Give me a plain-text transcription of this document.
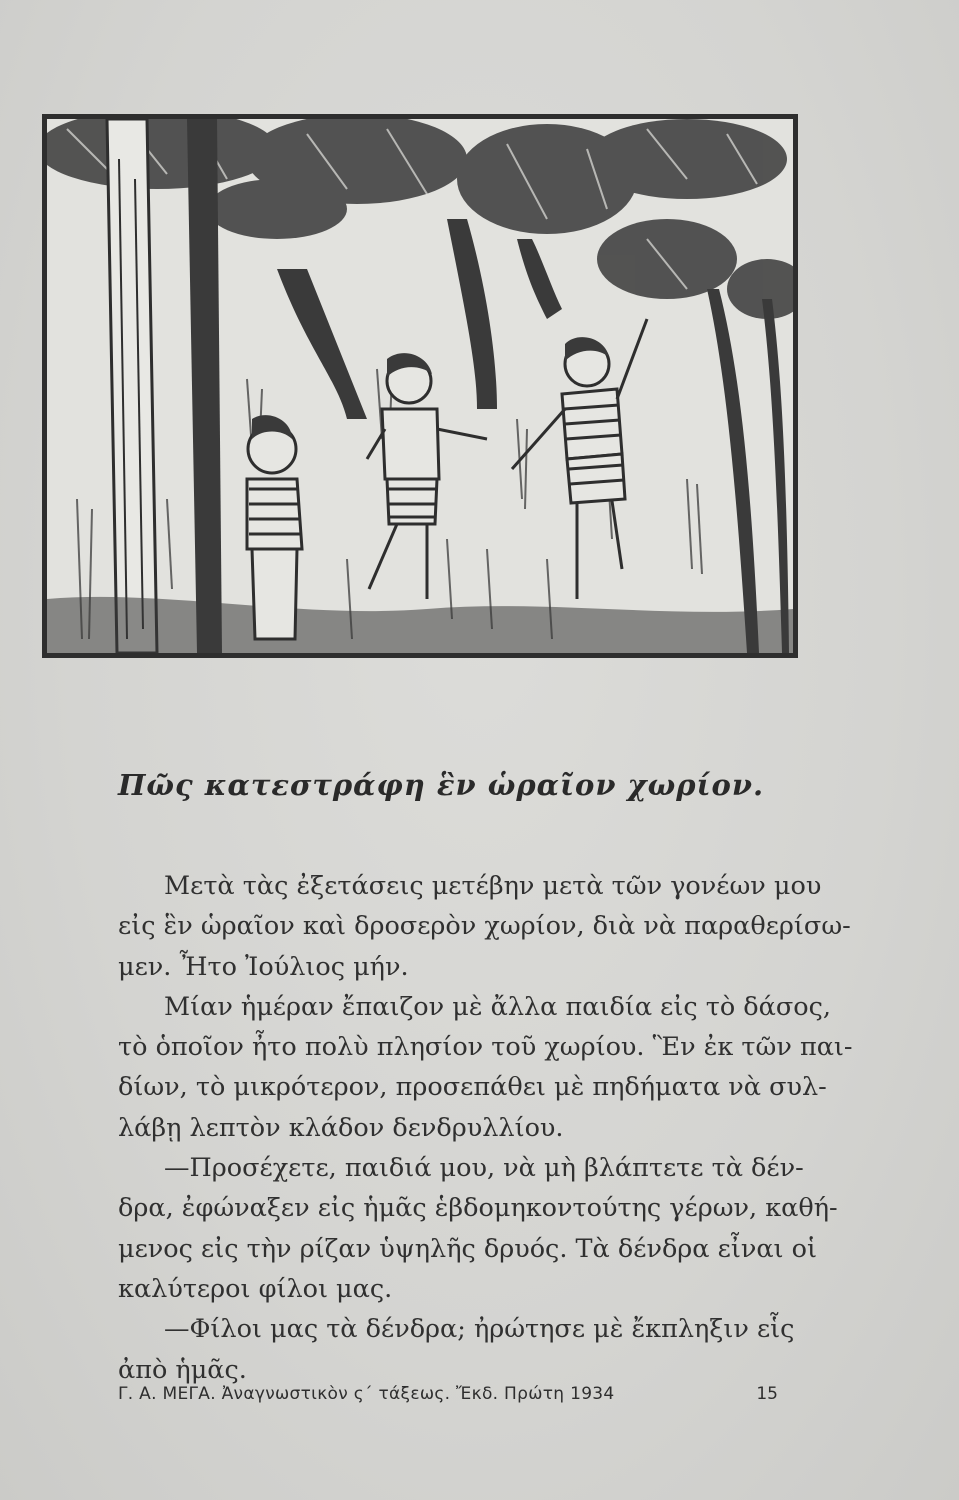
Πῶς κατεστράφη ἓν ὡραῖον χωρίον.
Μετὰ τὰς ἐξετάσεις μετέβην μετὰ τῶν γονέων μου
εἰς ἓν ὡραῖον καὶ δροσερὸν χωρίον, διὰ νὰ παραθερίσω-
μεν. Ἦτο Ἰούλιος μήν.
Μίαν ἡμέραν ἔπαιζον μὲ ἄλλα παιδία εἰς τὸ δάσος,
τὸ ὁποῖον ἦτο πολὺ πλησίον τοῦ χωρίου. Ἓν ἐκ τῶν παι-
δίων, τὸ μικρότερον, προσεπάθει μὲ πηδήματα νὰ συλ-
λάβῃ λεπτὸν κλάδον δενδρυλλίου.
—Προσέχετε, παιδιά μου, νὰ μὴ βλάπτετε τὰ δέν-
δρα, ἐφώναξεν εἰς ἡμᾶς ἑβδομηκοντούτης γέρων, καθή-
μενος εἰς τὴν ρίζαν ὑψηλῆς δρυός. Τὰ δένδρα εἶναι οἱ
καλύτεροι φίλοι μας.
—Φίλοι μας τὰ δένδρα; ἠρώτησε μὲ ἔκπληξιν εἷς
ἀπὸ ἡμᾶς.
Γ. Α. ΜΕΓΑ. Ἀναγνωστικὸν ς´ τάξεως. Ἔκδ. Πρώτη 1934	15
